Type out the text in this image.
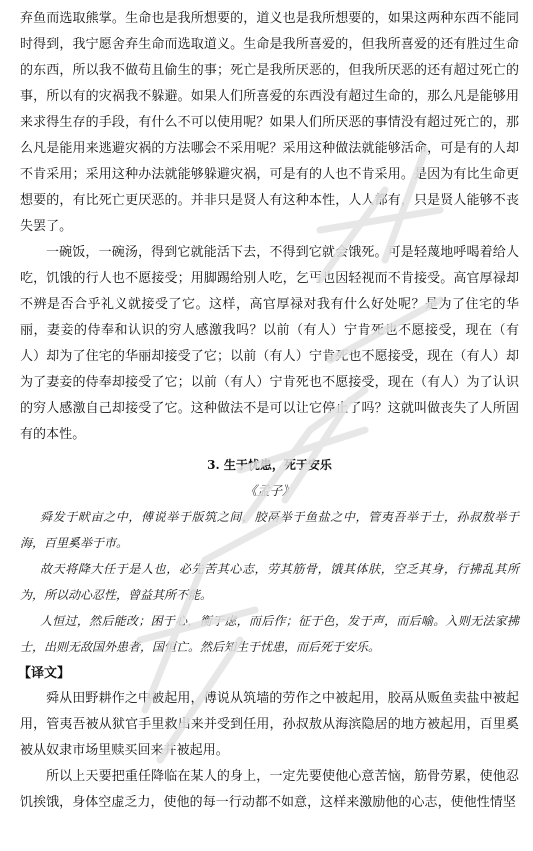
弃鱼而选取熊掌。生命也是我所想要的，道义也是我所想要的，如果这两种东西不能同时得到，我宁愿舍弃生命而选取道义。生命是我所喜爱的，但我所喜爱的还有胜过生命的东西，所以我不做苟且偷生的事；死亡是我所厌恶的，但我所厌恶的还有超过死亡的事，所以有的灾祸我不躲避。如果人们所喜爱的东西没有超过生命的，那么凡是能够用来求得生存的手段，有什么不可以使用呢？如果人们所厌恶的事情没有超过死亡的，那么凡是能用来逃避灾祸的方法哪会不采用呢？采用这种做法就能够活命，可是有的人却不肯采用；采用这种办法就能够躲避灾祸，可是有的人也不肯采用。是因为有比生命更想要的，有比死亡更厌恶的。并非只是贤人有这种本性，人人都有，只是贤人能够不丧失罢了。

一碗饭，一碗汤，得到它就能活下去，不得到它就会饿死。可是轻蔑地呼喝着给人吃，饥饿的行人也不愿接受；用脚踢给别人吃，乞丐也因轻视而不肯接受。高官厚禄却不辨是否合乎礼义就接受了它。这样，高官厚禄对我有什么好处呢？是为了住宅的华丽，妻妾的侍奉和认识的穷人感激我吗？以前（有人）宁肯死也不愿接受，现在（有人）却为了住宅的华丽却接受了它；以前（有人）宁肯死也不愿接受，现在（有人）却为了妻妾的侍奉却接受了它；以前（有人）宁肯死也不愿接受，现在（有人）为了认识的穷人感激自己却接受了它。这种做法不是可以让它停止了吗？这就叫做丧失了人所固有的本性。

3. 生于忧患，死于安乐

《孟子》

舜发于畎亩之中，傅说举于版筑之间，胶鬲举于鱼盐之中，管夷吾举于士，孙叔敖举于海，百里奚举于市。

故天将降大任于是人也，必先苦其心志，劳其筋骨，饿其体肤，空乏其身，行拂乱其所为，所以动心忍性，曾益其所不能。

人恒过，然后能改；困于心，衡于虑，而后作；征于色，发于声，而后喻。入则无法家拂士，出则无敌国外患者，国恒亡。然后知生于忧患，而后死于安乐。

【译文】

舜从田野耕作之中被起用，傅说从筑墙的劳作之中被起用，胶鬲从贩鱼卖盐中被起用，管夷吾被从狱官手里救出来并受到任用，孙叔敖从海滨隐居的地方被起用，百里奚被从奴隶市场里赎买回来并被起用。

所以上天要把重任降临在某人的身上，一定先要使他心意苦恼，筋骨劳累，使他忍饥挨饿，身体空虚乏力，使他的每一行动都不如意，这样来激励他的心志，使他性情坚
